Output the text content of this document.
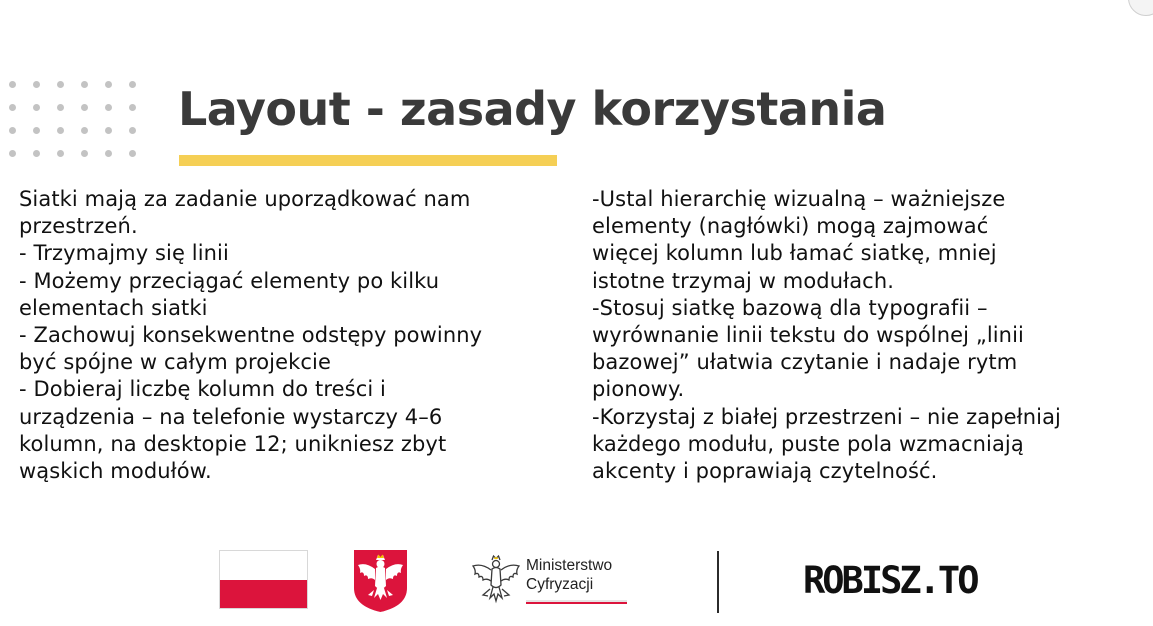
Layout - zasady korzystania
Siatki mają za zadanie uporządkować nam
przestrzeń.
- Trzymajmy się linii
- Możemy przeciągać elementy po kilku
elementach siatki
- Zachowuj konsekwentne odstępy powinny
być spójne w całym projekcie
- Dobieraj liczbę kolumn do treści i
urządzenia – na telefonie wystarczy 4–6
kolumn, na desktopie 12; unikniesz zbyt
wąskich modułów.
-Ustal hierarchię wizualną – ważniejsze
elementy (nagłówki) mogą zajmować
więcej kolumn lub łamać siatkę, mniej
istotne trzymaj w modułach.
-Stosuj siatkę bazową dla typografii –
wyrównanie linii tekstu do wspólnej „linii
bazowej” ułatwia czytanie i nadaje rytm
pionowy.
-Korzystaj z białej przestrzeni – nie zapełniaj
każdego modułu, puste pola wzmacniają
akcenty i poprawiają czytelność.
Ministerstwo
Cyfryzacji	ROBISZ.TO
